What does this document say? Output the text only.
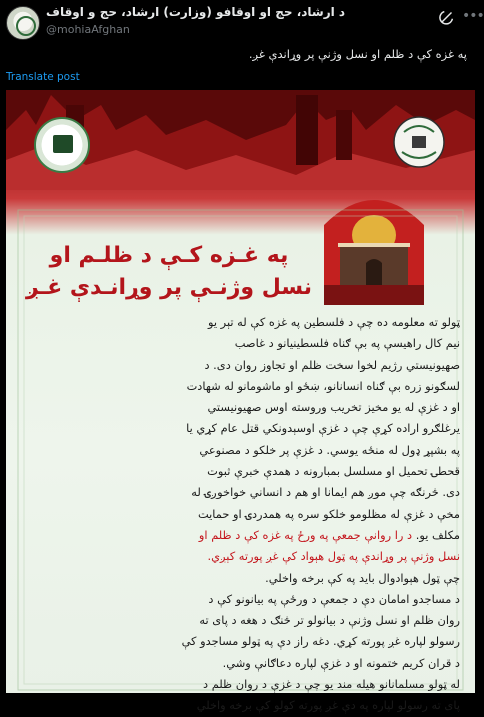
د ارشاد، حج او اوقافو (وزارت) ارشاد، حج و اوقاف
@mohiaAfghan
•••
په غزه کې د ظلم او نسل وژنې پر وړاندې غږ.
Translate post
په غـزه کـې د ظلـم او
نسل وژنـې پر وړانـدې غـږ
ټولو ته معلومه ده چې د فلسطین په غزه کې له تېر یو
نیم کال راهیسې په بې ګناه فلسطینیانو د غاصب
صهیونیستي رژیم لخوا سخت ظلم او تجاوز روان دی. د
لسګونو زره بې ګناه انسانانو، ښځو او ماشومانو له شهادت
او د غزې له یو مخیز تخریب وروسته اوس صهیونیستي
یرغلګرو اراده کړې چې د غزې اوسېدونکي قتل عام کړي یا
په بشپړ ډول له منځه یوسي. د غزې پر خلکو د مصنوعي
قحطۍ تحمیل او مسلسل بمبارونه د همدې خبرې ثبوت
دی. څرنګه چې موږ هم ایمانا او هم د انساني خواخوږۍ له
مخې د غزې له مظلومو خلکو سره په همدردۍ او حمایت
مکلف یو. د را روانې جمعې په ورځ په غزه کې د ظلم او
نسل وژنې پر وړاندې په ټول هېواد کې غږ پورته کېږي.
چې ټول هېوادوال باید په کې برخه واخلي.
د مساجدو امامان دې د جمعې د ورځې په بیانونو کې د
روان ظلم او نسل وژنې د بیانولو تر څنګ د هغه د پای ته
رسولو لپاره غږ پورته کړي. دغه راز دې په ټولو مساجدو کې
د قران کریم ختمونه او د غزې لپاره دعاګانې وشي.
له ټولو مسلمانانو هیله مند یو چې د غزې د روان ظلم د
پای ته رسولو لپاره په دې غږ پورته کولو کې برخه واخلي
